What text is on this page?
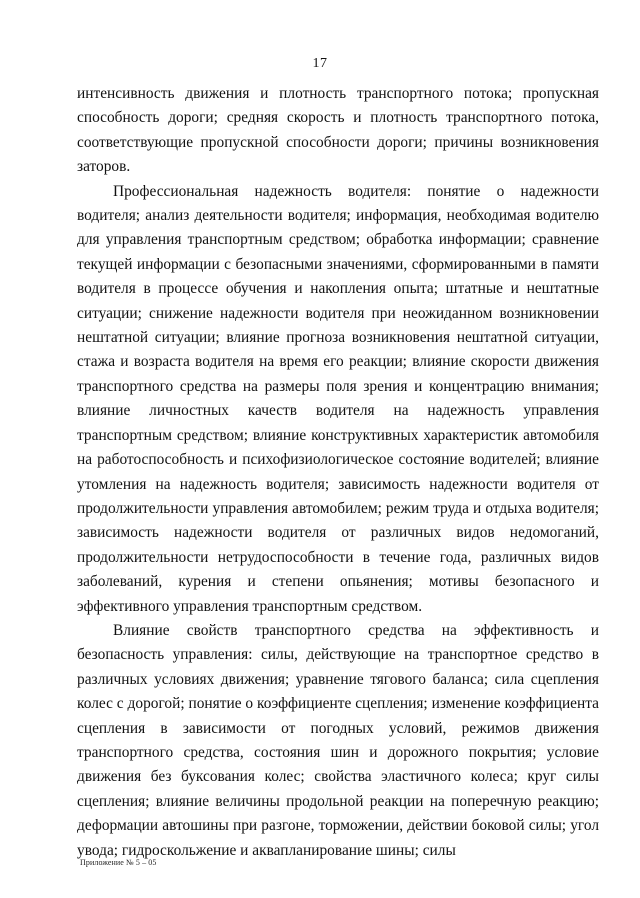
17

интенсивность движения и плотность транспортного потока; пропускная способность дороги; средняя скорость и плотность транспортного потока, соответствующие пропускной способности дороги; причины возникновения заторов.

Профессиональная надежность водителя: понятие о надежности водителя; анализ деятельности водителя; информация, необходимая водителю для управления транспортным средством; обработка информации; сравнение текущей информации с безопасными значениями, сформированными в памяти водителя в процессе обучения и накопления опыта; штатные и нештатные ситуации; снижение надежности водителя при неожиданном возникновении нештатной ситуации; влияние прогноза возникновения нештатной ситуации, стажа и возраста водителя на время его реакции; влияние скорости движения транспортного средства на размеры поля зрения и концентрацию внимания; влияние личностных качеств водителя на надежность управления транспортным средством; влияние конструктивных характеристик автомобиля на работоспособность и психофизиологическое состояние водителей; влияние утомления на надежность водителя; зависимость надежности водителя от продолжительности управления автомобилем; режим труда и отдыха водителя; зависимость надежности водителя от различных видов недомоганий, продолжительности нетрудоспособности в течение года, различных видов заболеваний, курения и степени опьянения; мотивы безопасного и эффективного управления транспортным средством.

Влияние свойств транспортного средства на эффективность и безопасность управления: силы, действующие на транспортное средство в различных условиях движения; уравнение тягового баланса; сила сцепления колес с дорогой; понятие о коэффициенте сцепления; изменение коэффициента сцепления в зависимости от погодных условий, режимов движения транспортного средства, состояния шин и дорожного покрытия; условие движения без буксования колес; свойства эластичного колеса; круг силы сцепления; влияние величины продольной реакции на поперечную реакцию; деформации автошины при разгоне, торможении, действии боковой силы; угол увода; гидроскольжение и аквапланирование шины; силы

Приложение № 5 – 05
